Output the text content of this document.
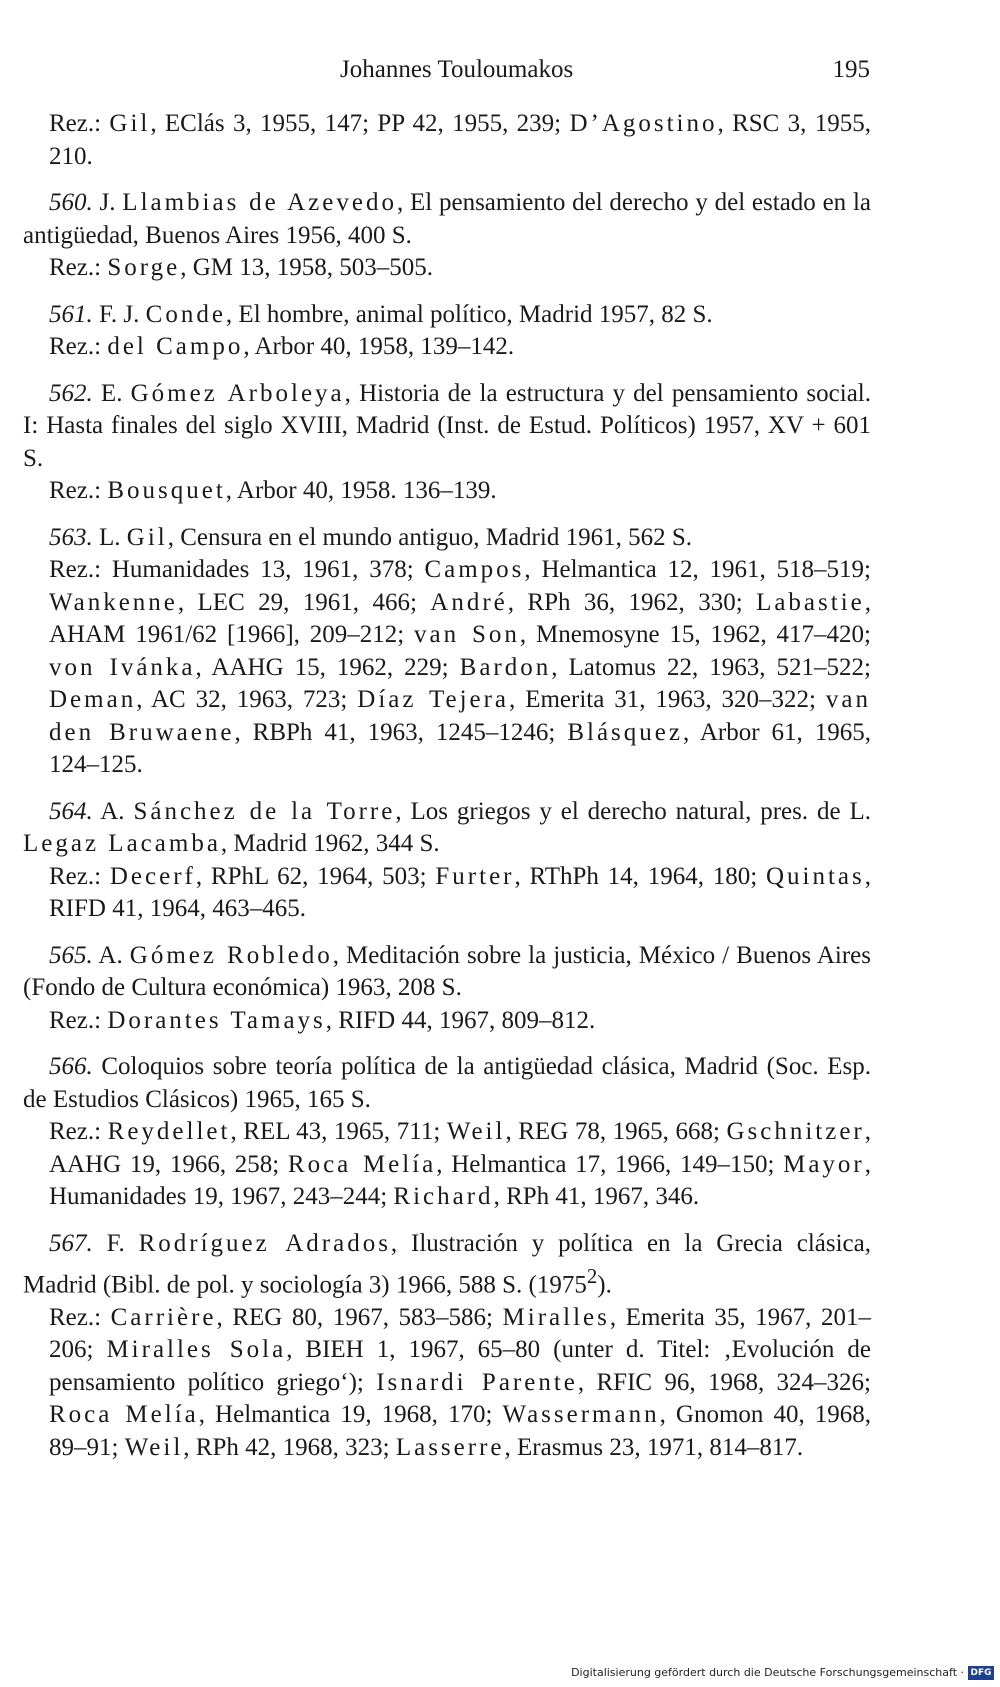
Johannes Touloumakos	195

Rez.: Gil, EClás 3, 1955, 147; PP 42, 1955, 239; D’Agostino, RSC 3, 1955, 210.

560. J. Llambias de Azevedo, El pensamiento del derecho y del estado en la antigüedad, Buenos Aires 1956, 400 S.

Rez.: Sorge, GM 13, 1958, 503–505.

561. F. J. Conde, El hombre, animal político, Madrid 1957, 82 S.

Rez.: del Campo, Arbor 40, 1958, 139–142.

562. E. Gómez Arboleya, Historia de la estructura y del pensamiento social. I: Hasta finales del siglo XVIII, Madrid (Inst. de Estud. Políticos) 1957, XV + 601 S.

Rez.: Bousquet, Arbor 40, 1958. 136–139.

563. L. Gil, Censura en el mundo antiguo, Madrid 1961, 562 S.

Rez.: Humanidades 13, 1961, 378; Campos, Helmantica 12, 1961, 518–519; Wankenne, LEC 29, 1961, 466; André, RPh 36, 1962, 330; Labastie, AHAM 1961/62 [1966], 209–212; van Son, Mnemosyne 15, 1962, 417–420; von Ivánka, AAHG 15, 1962, 229; Bardon, Latomus 22, 1963, 521–522; Deman, AC 32, 1963, 723; Díaz Tejera, Emerita 31, 1963, 320–322; van den Bruwaene, RBPh 41, 1963, 1245–1246; Blásquez, Arbor 61, 1965, 124–125.

564. A. Sánchez de la Torre, Los griegos y el derecho natural, pres. de L. Legaz Lacamba, Madrid 1962, 344 S.

Rez.: Decerf, RPhL 62, 1964, 503; Furter, RThPh 14, 1964, 180; Quintas, RIFD 41, 1964, 463–465.

565. A. Gómez Robledo, Meditación sobre la justicia, México / Buenos Aires (Fondo de Cultura económica) 1963, 208 S.

Rez.: Dorantes Tamays, RIFD 44, 1967, 809–812.

566. Coloquios sobre teoría política de la antigüedad clásica, Madrid (Soc. Esp. de Estudios Clásicos) 1965, 165 S.

Rez.: Reydellet, REL 43, 1965, 711; Weil, REG 78, 1965, 668; Gschnitzer, AAHG 19, 1966, 258; Roca Melía, Helmantica 17, 1966, 149–150; Mayor, Humanidades 19, 1967, 243–244; Richard, RPh 41, 1967, 346.

567. F. Rodríguez Adrados, Ilustración y política en la Grecia clásica, Madrid (Bibl. de pol. y sociología 3) 1966, 588 S. (1975$^2$).

Rez.: Carrière, REG 80, 1967, 583–586; Miralles, Emerita 35, 1967, 201–206; Miralles Sola, BIEH 1, 1967, 65–80 (unter d. Titel: ‚Evolución de pensamiento político griego‘); Isnardi Parente, RFIC 96, 1968, 324–326; Roca Melía, Helmantica 19, 1968, 170; Wassermann, Gnomon 40, 1968, 89–91; Weil, RPh 42, 1968, 323; Lasserre, Erasmus 23, 1971, 814–817.

Digitalisierung gefördert durch die Deutsche Forschungsgemeinschaft · DFG
